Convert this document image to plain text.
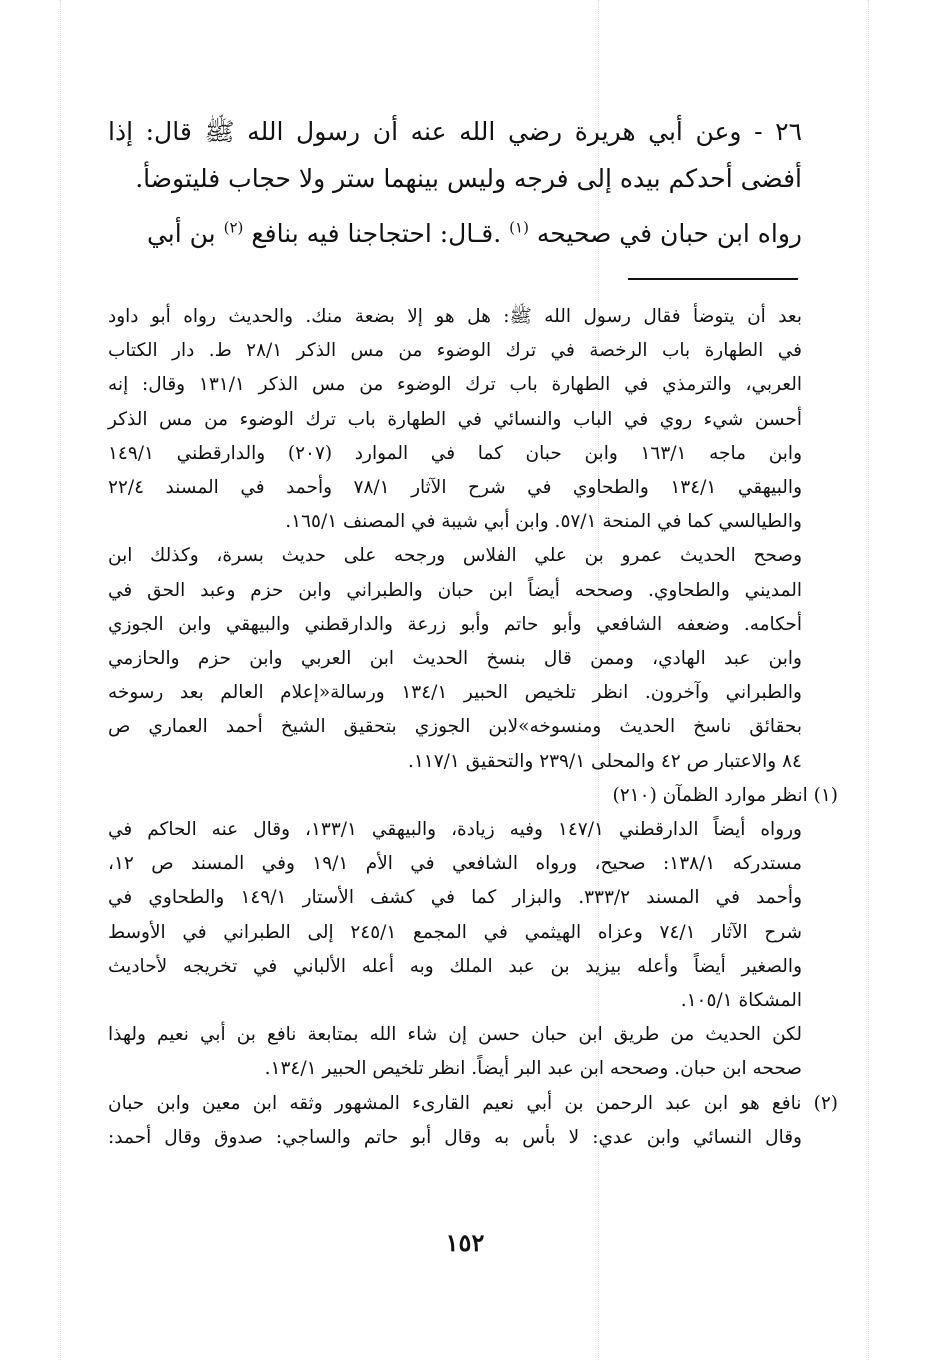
٢٦ - وعن أبي هريرة رضي الله عنه أن رسول الله ﷺ قال: إذا

أفضى أحدكم بيده إلى فرجه وليس بينهما ستر ولا حجاب فليتوضأ.

رواه ابن حبان في صحيحه $^{(١)}$ .قـال: احتجاجنا فيه بنافع $^{(٢)}$ بن أبي

بعد أن يتوضأ فقال رسول الله ﷺ: هل هو إلا بضعة منك. والحديث رواه أبو داود

في الطهارة باب الرخصة في ترك الوضوء من مس الذكر ٢٨/١ ط. دار الكتاب

العربي، والترمذي في الطهارة باب ترك الوضوء من مس الذكر ١٣١/١ وقال: إنه

أحسن شيء روي في الباب والنسائي في الطهارة باب ترك الوضوء من مس الذكر

وابن ماجه ١٦٣/١ وابن حبان كما في الموارد (٢٠٧) والدارقطني ١٤٩/١

والبيهقي ١٣٤/١ والطحاوي في شرح الآثار ٧٨/١ وأحمد في المسند ٢٢/٤

والطيالسي كما في المنحة ٥٧/١. وابن أبي شيبة في المصنف ١٦٥/١.

وصحح الحديث عمرو بن علي الفلاس ورجحه على حديث بسرة، وكذلك ابن

المديني والطحاوي. وصححه أيضاً ابن حبان والطبراني وابن حزم وعبد الحق في

أحكامه. وضعفه الشافعي وأبو حاتم وأبو زرعة والدارقطني والبيهقي وابن الجوزي

وابن عبد الهادي، وممن قال بنسخ الحديث ابن العربي وابن حزم والحازمي

والطبراني وآخرون. انظر تلخيص الحبير ١٣٤/١ ورسالة«إعلام العالم بعد رسوخه

بحقائق ناسخ الحديث ومنسوخه»لابن الجوزي بتحقيق الشيخ أحمد العماري ص

٨٤ والاعتبار ص ٤٢ والمحلى ٢٣٩/١ والتحقيق ١١٧/١.

(١) انظر موارد الظمآن (٢١٠)

ورواه أيضاً الدارقطني ١٤٧/١ وفيه زيادة، والبيهقي ١٣٣/١، وقال عنه الحاكم في

مستدركه ١٣٨/١: صحيح، ورواه الشافعي في الأم ١٩/١ وفي المسند ص ١٢،

وأحمد في المسند ٣٣٣/٢. والبزار كما في كشف الأستار ١٤٩/١ والطحاوي في

شرح الآثار ٧٤/١ وعزاه الهيثمي في المجمع ٢٤٥/١ إلى الطبراني في الأوسط

والصغير أيضاً وأعله بيزيد بن عبد الملك وبه أعله الألباني في تخريجه لأحاديث

المشكاة ١٠٥/١.

لكن الحديث من طريق ابن حبان حسن إن شاء الله بمتابعة نافع بن أبي نعيم ولهذا

صححه ابن حبان. وصححه ابن عبد البر أيضاً. انظر تلخيص الحبير ١٣٤/١.

(٢) نافع هو ابن عبد الرحمن بن أبي نعيم القارىء المشهور وثقه ابن معين وابن حبان

وقال النسائي وابن عدي: لا بأس به وقال أبو حاتم والساجي: صدوق وقال أحمد:

١٥٢
